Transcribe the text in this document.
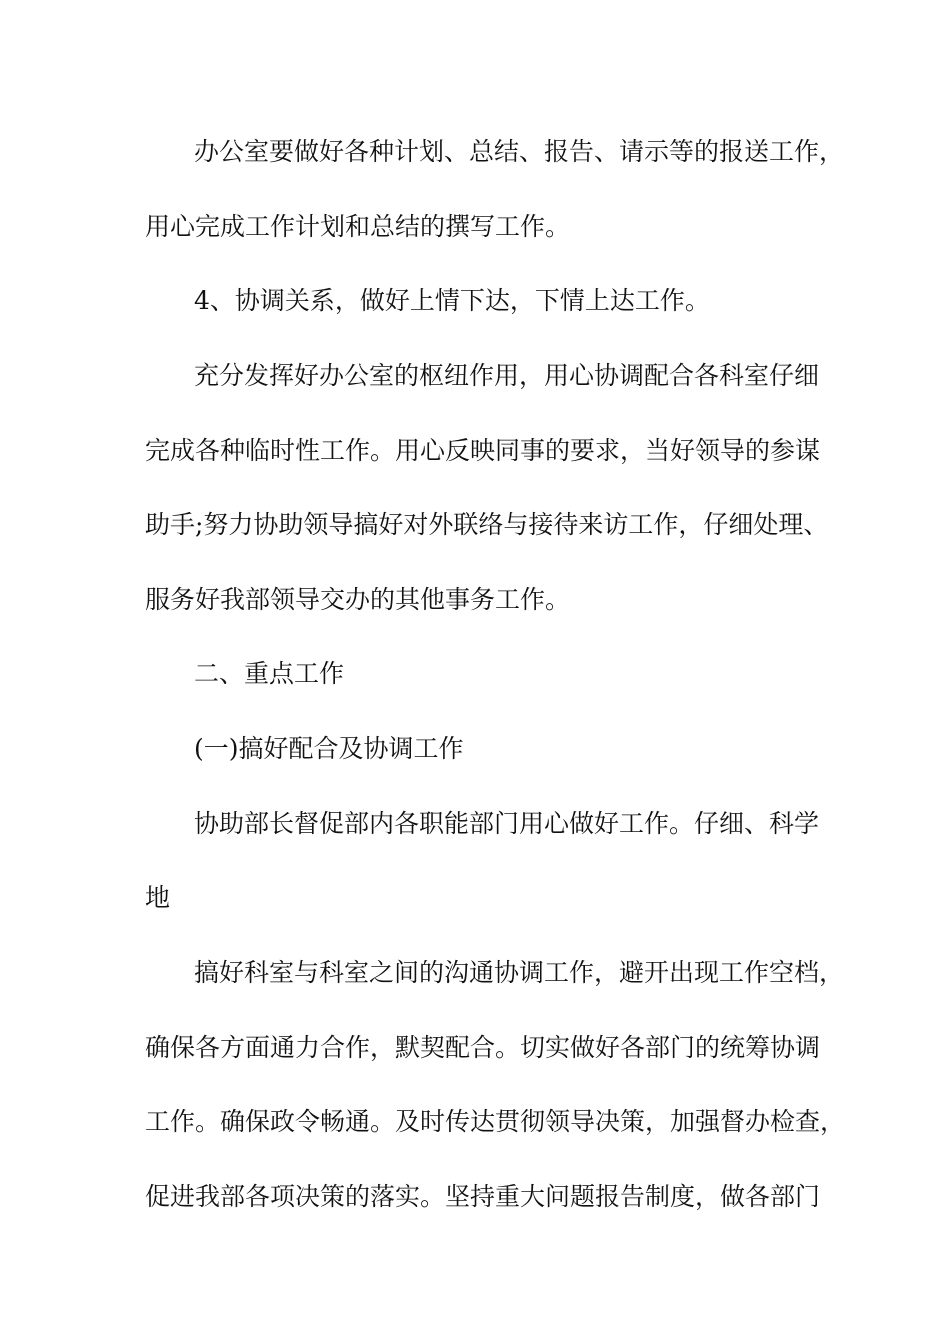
办公室要做好各种计划、总结、报告、请示等的报送工作，
用心完成工作计划和总结的撰写工作。
4、协调关系，做好上情下达，下情上达工作。
充分发挥好办公室的枢纽作用，用心协调配合各科室仔细
完成各种临时性工作。用心反映同事的要求，当好领导的参谋
助手;努力协助领导搞好对外联络与接待来访工作，仔细处理、
服务好我部领导交办的其他事务工作。
二、重点工作
(一)搞好配合及协调工作
协助部长督促部内各职能部门用心做好工作。仔细、科学
地
搞好科室与科室之间的沟通协调工作，避开出现工作空档，
确保各方面通力合作，默契配合。切实做好各部门的统筹协调
工作。确保政令畅通。及时传达贯彻领导决策，加强督办检查，
促进我部各项决策的落实。坚持重大问题报告制度，做各部门
